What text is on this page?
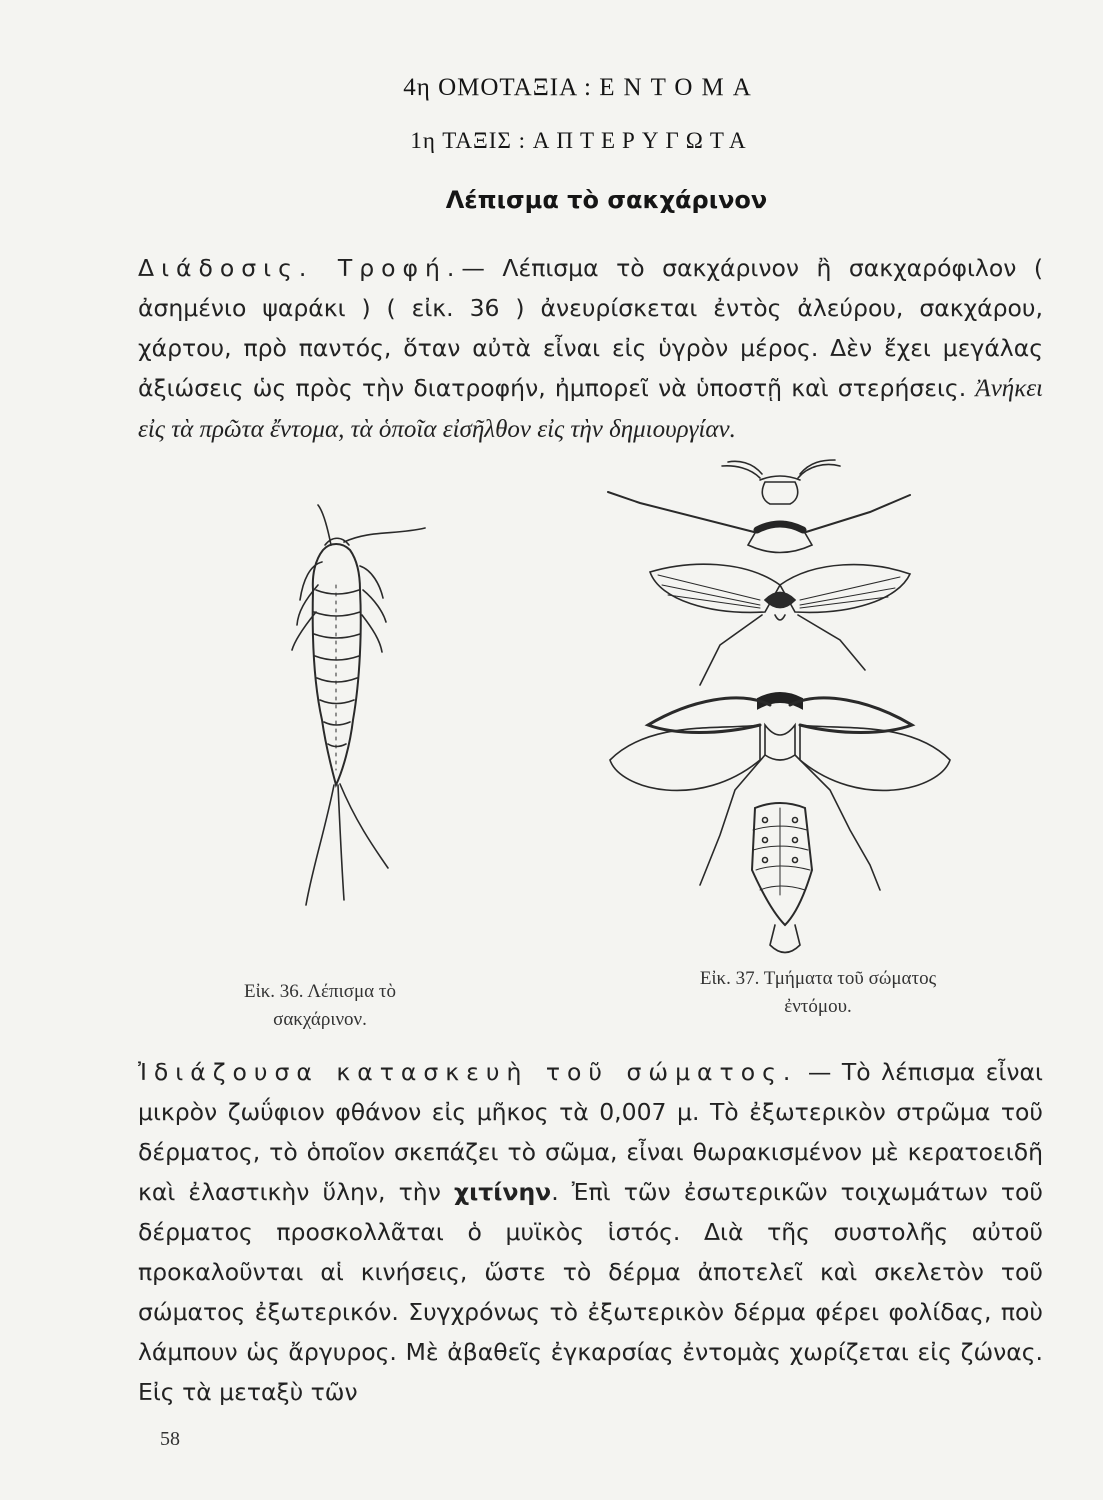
4η ΟΜΟΤΑΞΙΑ : ΕΝΤΟΜΑ
1η ΤΑΞΙΣ : ΑΠΤΕΡΥΓΩΤΑ
Λέπισμα τὸ σακχάρινον
Διάδοσις. Τροφή.— Λέπισμα τὸ σακχάρινον ἢ σακχαρόφιλον ( ἀσημένιο ψαράκι ) ( εἰκ. 36 ) ἀνευρίσκεται ἐντὸς ἀλεύρου, σακχάρου, χάρτου, πρὸ παντός, ὅταν αὐτὰ εἶναι εἰς ὑγρὸν μέρος. Δὲν ἔχει μεγάλας ἀξιώσεις ὡς πρὸς τὴν διατροφήν, ἠμπορεῖ νὰ ὑποστῇ καὶ στερήσεις. Ἀνήκει εἰς τὰ πρῶτα ἔντομα, τὰ ὁποῖα εἰσῆλθον εἰς τὴν δημιουργίαν.
Εἰκ. 36. Λέπισμα τὸ
σακχάρινον.
Εἰκ. 37. Τμήματα τοῦ σώματος
ἐντόμου.
Ἰδιάζουσα κατασκευὴ τοῦ σώματος. — Τὸ λέπισμα εἶναι μικρὸν ζωΰφιον φθάνον εἰς μῆκος τὰ 0,007 μ. Τὸ ἐξωτερικὸν στρῶμα τοῦ δέρματος, τὸ ὁποῖον σκεπάζει τὸ σῶμα, εἶναι θωρακισμένον μὲ κερατοειδῆ καὶ ἐλαστικὴν ὕλην, τὴν χιτίνην. Ἐπὶ τῶν ἐσωτερικῶν τοιχωμάτων τοῦ δέρματος προσκολλᾶται ὁ μυϊκὸς ἱστός. Διὰ τῆς συστολῆς αὐτοῦ προκαλοῦνται αἱ κινήσεις, ὥστε τὸ δέρμα ἀποτελεῖ καὶ σκελετὸν τοῦ σώματος ἐξωτερικόν. Συγχρόνως τὸ ἐξωτερικὸν δέρμα φέρει φολίδας, ποὺ λάμπουν ὡς ἄργυρος. Μὲ ἀβαθεῖς ἐγκαρσίας ἐντομὰς χωρίζεται εἰς ζώνας. Εἰς τὰ μεταξὺ τῶν
58
